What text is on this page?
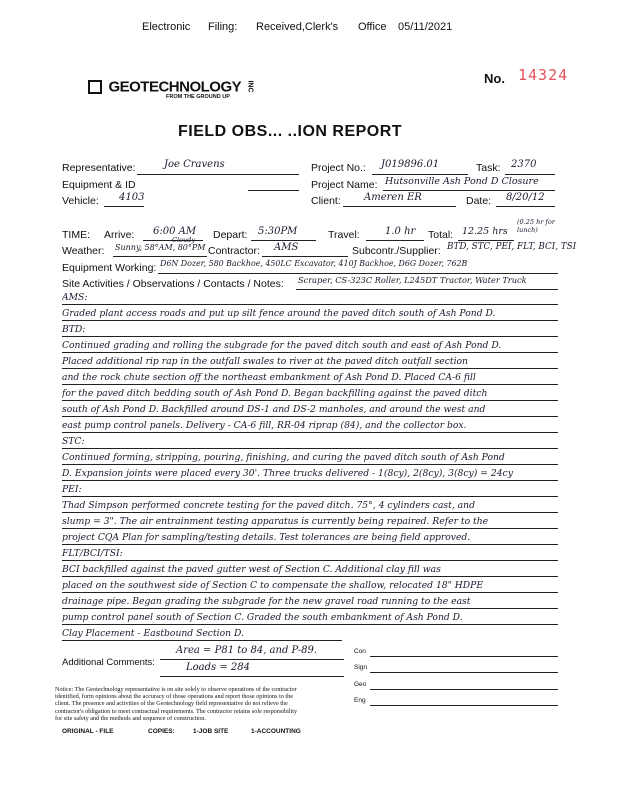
Electronic Filing: Received,Clerk's Office 05/11/2021
GEOTECHNOLOGY INC
FROM THE GROUND UP
No. 14324
FIELD OBS... ..ION REPORT
Representative:	Joe Cravens	Project No.: J019896.01	Task: 2370
Equipment & ID	Project Name: Hutsonville Ash Pond D Closure
Vehicle: 4103	Client: Ameren ER	Date: 8/20/12
TIME: Arrive: 6:00 AM Depart: 5:30PM	Travel:	1.0 hr Total: 12.25 hrs
(0.25 hr for lunch)
Weather:
Cloudy
Sunny, 58°AM, 80°PM Contractor: AMS	Subcontr./Supplier: BTD, STC, PEI, FLT, BCI, TSI
Equipment Working: D6N Dozer, 580 Backhoe, 450LC Excavator, 410J Backhoe, D6G Dozer, 762B
Site Activities / Observations / Contacts / Notes: Scraper, CS-323C Roller, L245DT Tractor, Water Truck
AMS:
Graded plant access roads and put up silt fence around the paved ditch south of Ash Pond D.
BTD:
Continued grading and rolling the subgrade for the paved ditch south and east of Ash Pond D.
Placed additional rip rap in the outfall swales to river at the paved ditch outfall section
and the rock chute section off the northeast embankment of Ash Pond D. Placed CA-6 fill
for the paved ditch bedding south of Ash Pond D. Began backfilling against the paved ditch
south of Ash Pond D. Backfilled around DS-1 and DS-2 manholes, and around the west and
east pump control panels. Delivery - CA-6 fill, RR-04 riprap (84), and the collector box.
STC:
Continued forming, stripping, pouring, finishing, and curing the paved ditch south of Ash Pond
D. Expansion joints were placed every 30'. Three trucks delivered - 1(8cy), 2(8cy), 3(8cy) = 24cy
PEI:
Thad Simpson performed concrete testing for the paved ditch. 75°, 4 cylinders cast, and
slump = 3". The air entrainment testing apparatus is currently being repaired. Refer to the
project CQA Plan for sampling/testing details. Test tolerances are being field approved.
FLT/BCI/TSI:
BCI backfilled against the paved gutter west of Section C. Additional clay fill was
placed on the southwest side of Section C to compensate the shallow, relocated 18" HDPE
drainage pipe. Began grading the subgrade for the new gravel road running to the east
pump control panel south of Section C. Graded the south embankment of Ash Pond D.
Clay Placement - Eastbound Section D.
Additional Comments:
Area = P81 to 84, and P-89.
Loads = 284
Con
Sign
Geo
Eng
Notice: The Geotechnology representative is on site solely to observe operations of the contractor
identified, form opinions about the accuracy of those operations and report those opinions to the
client. The presence and activities of the Geotechnology field representative do not relieve the
contractor's obligation to meet contractual requirements. The contractor retains sole responsibility
for site safety and the methods and sequence of construction.
ORIGINAL - FILE	COPIES:	1-JOB SITE	1-ACCOUNTING
